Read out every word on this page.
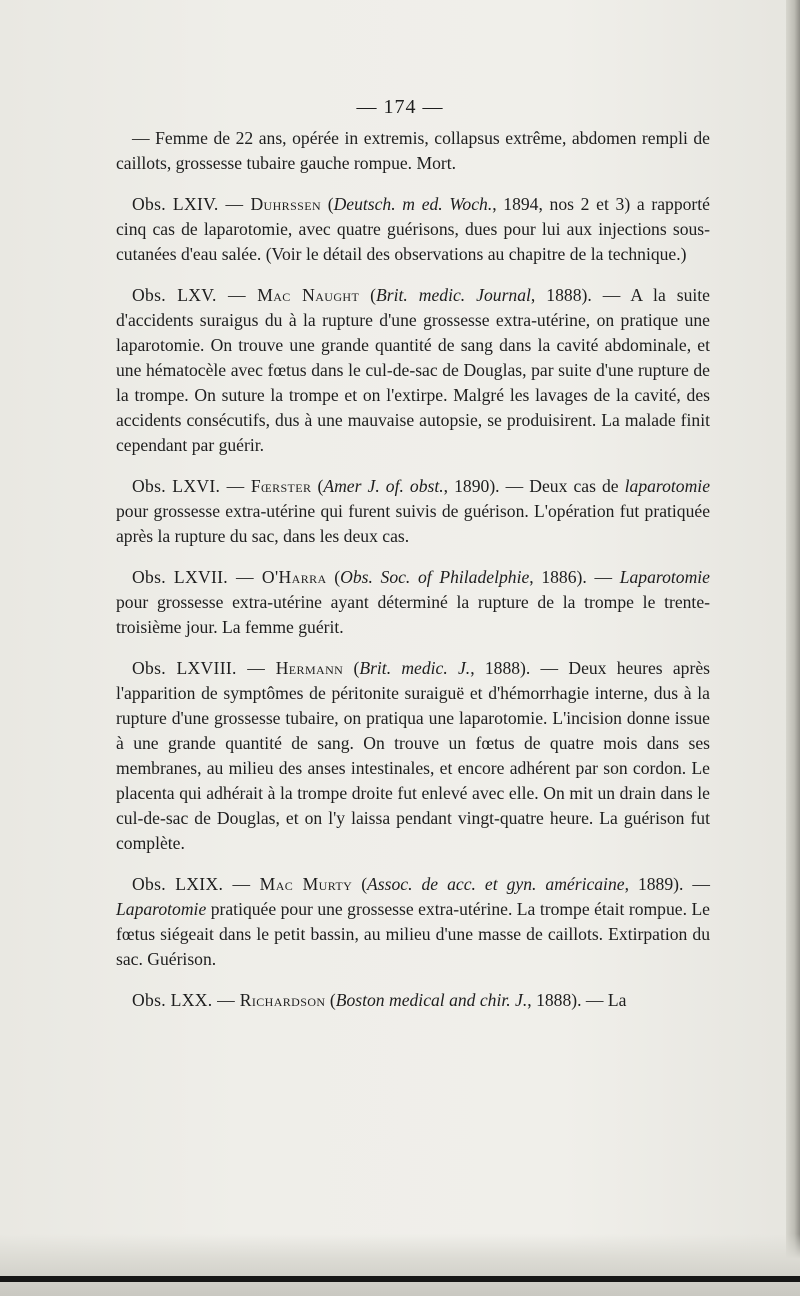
— 174 —

— Femme de 22 ans, opérée in extremis, collapsus extrême, abdomen rempli de caillots, grossesse tubaire gauche rompue. Mort.

Obs. LXIV. — Duhrssen (Deutsch. m ed. Woch., 1894, nos 2 et 3) a rapporté cinq cas de laparotomie, avec quatre guérisons, dues pour lui aux injections sous-cutanées d'eau salée. (Voir le détail des observations au chapitre de la technique.)

Obs. LXV. — Mac Naught (Brit. medic. Journal, 1888). — A la suite d'accidents suraigus du à la rupture d'une grossesse extra-utérine, on pratique une laparotomie. On trouve une grande quantité de sang dans la cavité abdominale, et une hématocèle avec fœtus dans le cul-de-sac de Douglas, par suite d'une rupture de la trompe. On suture la trompe et on l'extirpe. Malgré les lavages de la cavité, des accidents consécutifs, dus à une mauvaise autopsie, se produisirent. La malade finit cependant par guérir.

Obs. LXVI. — Fœrster (Amer J. of. obst., 1890). — Deux cas de laparotomie pour grossesse extra-utérine qui furent suivis de guérison. L'opération fut pratiquée après la rupture du sac, dans les deux cas.

Obs. LXVII. — O'Harra (Obs. Soc. of Philadelphie, 1886). — Laparotomie pour grossesse extra-utérine ayant déterminé la rupture de la trompe le trente-troisième jour. La femme guérit.

Obs. LXVIII. — Hermann (Brit. medic. J., 1888). — Deux heures après l'apparition de symptômes de péritonite suraiguë et d'hémorrhagie interne, dus à la rupture d'une grossesse tubaire, on pratiqua une laparotomie. L'incision donne issue à une grande quantité de sang. On trouve un fœtus de quatre mois dans ses membranes, au milieu des anses intestinales, et encore adhérent par son cordon. Le placenta qui adhérait à la trompe droite fut enlevé avec elle. On mit un drain dans le cul-de-sac de Douglas, et on l'y laissa pendant vingt-quatre heure. La guérison fut complète.

Obs. LXIX. — Mac Murty (Assoc. de acc. et gyn. américaine, 1889). — Laparotomie pratiquée pour une grossesse extra-utérine. La trompe était rompue. Le fœtus siégeait dans le petit bassin, au milieu d'une masse de caillots. Extirpation du sac. Guérison.

Obs. LXX. — Richardson (Boston medical and chir. J., 1888). — La
